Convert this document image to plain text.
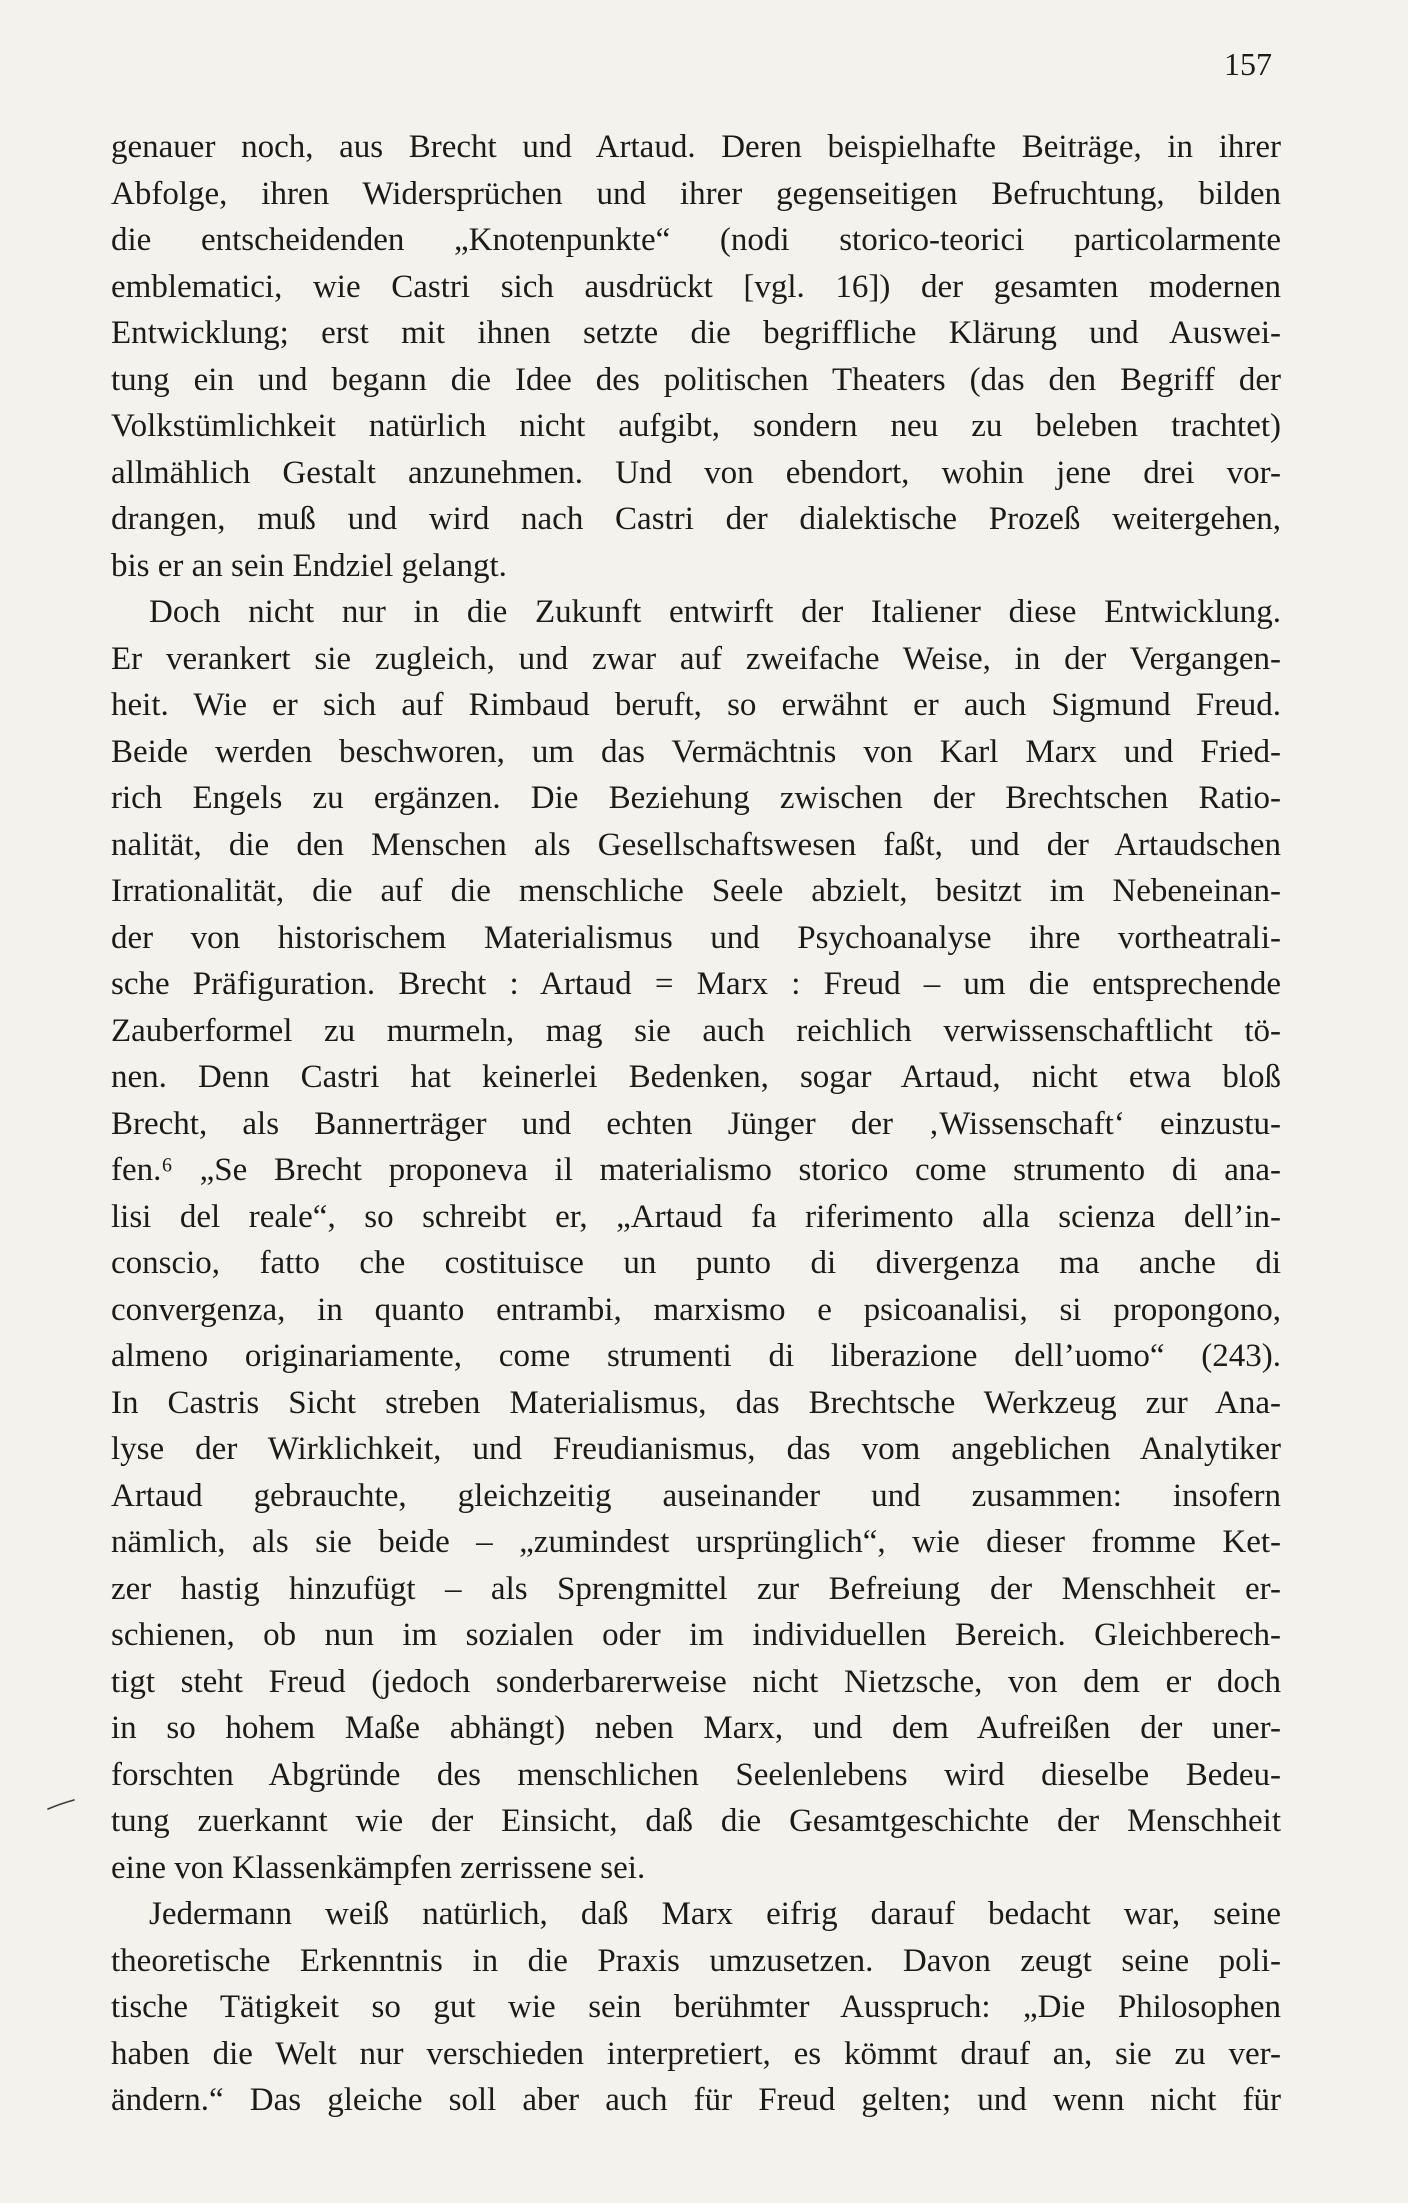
157
genauer noch, aus Brecht und Artaud. Deren beispielhafte Beiträge, in ihrer
Abfolge, ihren Widersprüchen und ihrer gegenseitigen Befruchtung, bilden
die entscheidenden „Knotenpunkte“ (nodi storico-teorici particolarmente
emblematici, wie Castri sich ausdrückt [vgl. 16]) der gesamten modernen
Entwicklung; erst mit ihnen setzte die begriffliche Klärung und Auswei-
tung ein und begann die Idee des politischen Theaters (das den Begriff der
Volkstümlichkeit natürlich nicht aufgibt, sondern neu zu beleben trachtet)
allmählich Gestalt anzunehmen. Und von ebendort, wohin jene drei vor-
drangen, muß und wird nach Castri der dialektische Prozeß weitergehen,
bis er an sein Endziel gelangt.
Doch nicht nur in die Zukunft entwirft der Italiener diese Entwicklung.
Er verankert sie zugleich, und zwar auf zweifache Weise, in der Vergangen-
heit. Wie er sich auf Rimbaud beruft, so erwähnt er auch Sigmund Freud.
Beide werden beschworen, um das Vermächtnis von Karl Marx und Fried-
rich Engels zu ergänzen. Die Beziehung zwischen der Brechtschen Ratio-
nalität, die den Menschen als Gesellschaftswesen faßt, und der Artaudschen
Irrationalität, die auf die menschliche Seele abzielt, besitzt im Nebeneinan-
der von historischem Materialismus und Psychoanalyse ihre vortheatrali-
sche Präfiguration. Brecht : Artaud = Marx : Freud – um die entsprechende
Zauberformel zu murmeln, mag sie auch reichlich verwissenschaftlicht tö-
nen. Denn Castri hat keinerlei Bedenken, sogar Artaud, nicht etwa bloß
Brecht, als Bannerträger und echten Jünger der ‚Wissenschaft‘ einzustu-
fen.⁶ „Se Brecht proponeva il materialismo storico come strumento di ana-
lisi del reale“, so schreibt er, „Artaud fa riferimento alla scienza dell’in-
conscio, fatto che costituisce un punto di divergenza ma anche di
convergenza, in quanto entrambi, marxismo e psicoanalisi, si propongono,
almeno originariamente, come strumenti di liberazione dell’uomo“ (243).
In Castris Sicht streben Materialismus, das Brechtsche Werkzeug zur Ana-
lyse der Wirklichkeit, und Freudianismus, das vom angeblichen Analytiker
Artaud gebrauchte, gleichzeitig auseinander und zusammen: insofern
nämlich, als sie beide – „zumindest ursprünglich“, wie dieser fromme Ket-
zer hastig hinzufügt – als Sprengmittel zur Befreiung der Menschheit er-
schienen, ob nun im sozialen oder im individuellen Bereich. Gleichberech-
tigt steht Freud (jedoch sonderbarerweise nicht Nietzsche, von dem er doch
in so hohem Maße abhängt) neben Marx, und dem Aufreißen der uner-
forschten Abgründe des menschlichen Seelenlebens wird dieselbe Bedeu-
tung zuerkannt wie der Einsicht, daß die Gesamtgeschichte der Menschheit
eine von Klassenkämpfen zerrissene sei.
Jedermann weiß natürlich, daß Marx eifrig darauf bedacht war, seine
theoretische Erkenntnis in die Praxis umzusetzen. Davon zeugt seine poli-
tische Tätigkeit so gut wie sein berühmter Ausspruch: „Die Philosophen
haben die Welt nur verschieden interpretiert, es kömmt drauf an, sie zu ver-
ändern.“ Das gleiche soll aber auch für Freud gelten; und wenn nicht für
